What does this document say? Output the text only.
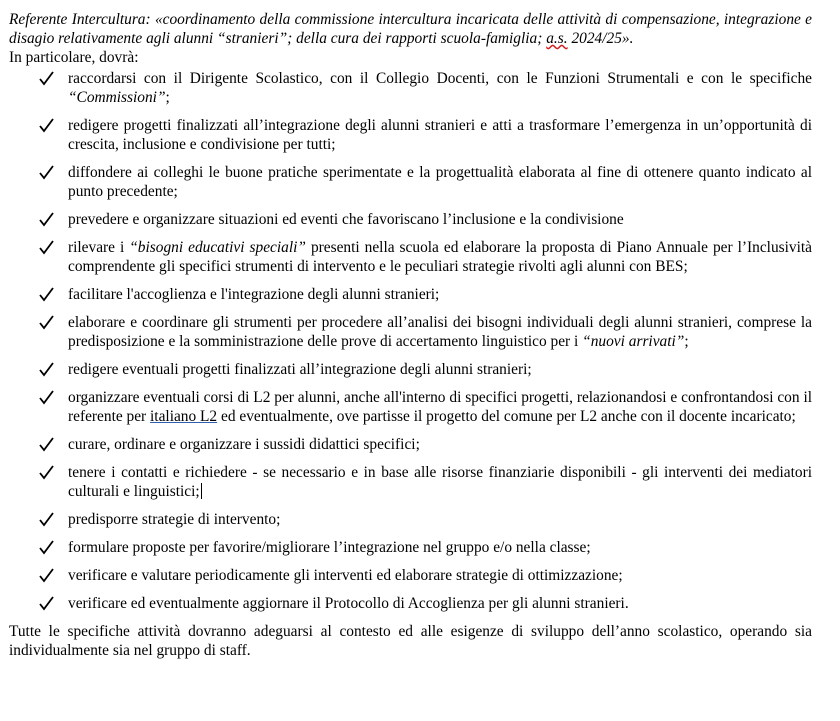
Referente Intercultura: «coordinamento della commissione intercultura incaricata delle attività di compensazione, integrazione e disagio relativamente agli alunni “stranieri”; della cura dei rapporti scuola-famiglia; a.s. 2024/25».

In particolare, dovrà:

raccordarsi con il Dirigente Scolastico, con il Collegio Docenti, con le Funzioni Strumentali e con le specifiche “Commissioni”;
redigere progetti finalizzati all’integrazione degli alunni stranieri e atti a trasformare l’emergenza in un’opportunità di crescita, inclusione e condivisione per tutti;
diffondere ai colleghi le buone pratiche sperimentate e la progettualità elaborata al fine di ottenere quanto indicato al punto precedente;
prevedere e organizzare situazioni ed eventi che favoriscano l’inclusione e la condivisione
rilevare i “bisogni educativi speciali” presenti nella scuola ed elaborare la proposta di Piano Annuale per l’Inclusività comprendente gli specifici strumenti di intervento e le peculiari strategie rivolti agli alunni con BES;
facilitare l'accoglienza e l'integrazione degli alunni stranieri;
elaborare e coordinare gli strumenti per procedere all’analisi dei bisogni individuali degli alunni stranieri, comprese la predisposizione e la somministrazione delle prove di accertamento linguistico per i “nuovi arrivati”;
redigere eventuali progetti finalizzati all’integrazione degli alunni stranieri;
organizzare eventuali corsi di L2 per alunni, anche all'interno di specifici progetti, relazionandosi e confrontandosi con il referente per italiano L2 ed eventualmente, ove partisse il progetto del comune per L2 anche con il docente incaricato;
curare, ordinare e organizzare i sussidi didattici specifici;
tenere i contatti e richiedere - se necessario e in base alle risorse finanziarie disponibili - gli interventi dei mediatori culturali e linguistici;
predisporre strategie di intervento;
formulare proposte per favorire/migliorare l’integrazione nel gruppo e/o nella classe;
verificare e valutare periodicamente gli interventi ed elaborare strategie di ottimizzazione;
verificare ed eventualmente aggiornare il Protocollo di Accoglienza per gli alunni stranieri.

Tutte le specifiche attività dovranno adeguarsi al contesto ed alle esigenze di sviluppo dell’anno scolastico, operando sia individualmente sia nel gruppo di staff.
